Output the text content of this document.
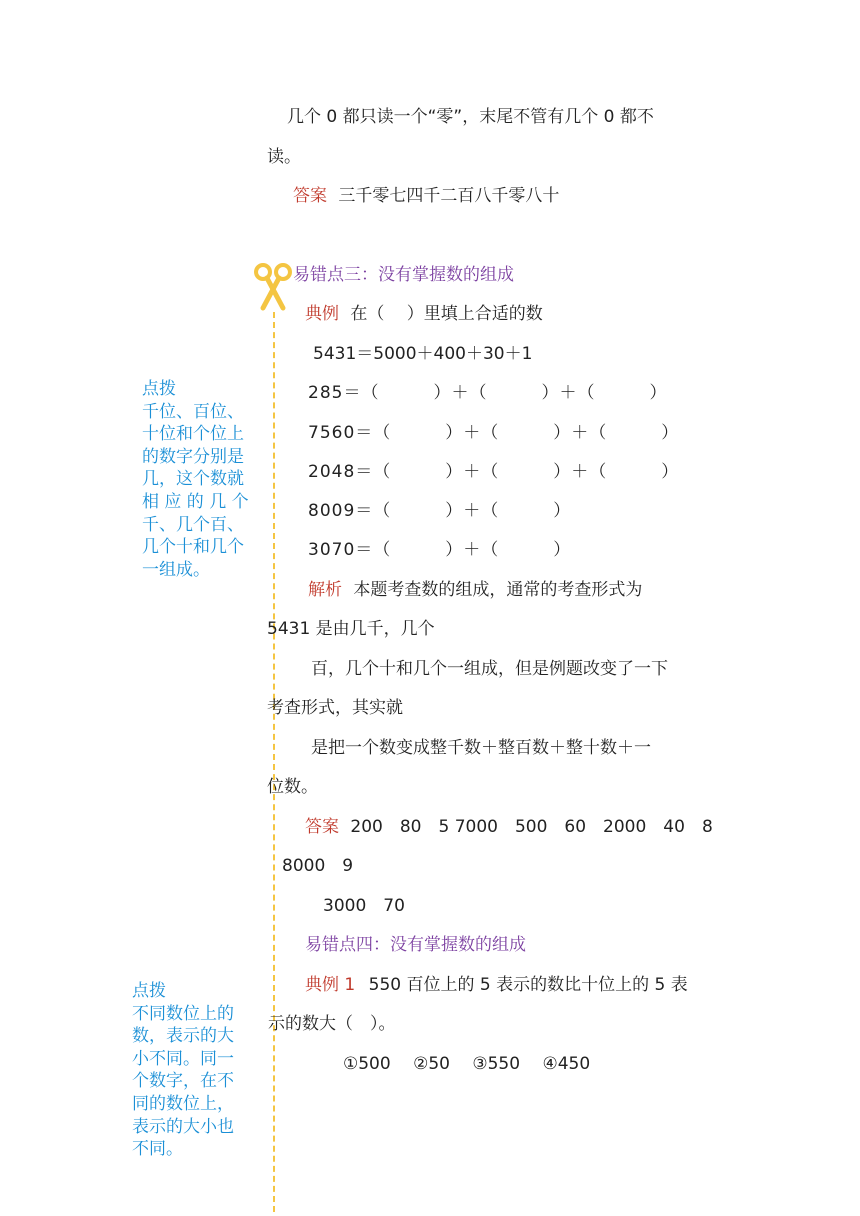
几个 0 都只读一个“零”，末尾不管有几个 0 都不
读。
答案 三千零七四千二百八千零八十
易错点三：没有掌握数的组成
典例 在（　 ）里填上合适的数
5431＝5000＋400＋30＋1
285＝（　　　）＋（　　　）＋（　　　）
7560＝（　　　）＋（　　　）＋（　　　）
2048＝（　　　）＋（　　　）＋（　　　）
8009＝（　　　）＋（　　　）
3070＝（　　　）＋（　　　）
解析 本题考查数的组成，通常的考查形式为
5431 是由几千，几个
百，几个十和几个一组成，但是例题改变了一下
考查形式，其实就
是把一个数变成整千数＋整百数＋整十数＋一
位数。
答案 200　80　5 7000　500　60　2000　40　8
8000　9
3000　70
点拨
千位、百位、
十位和个位上
的数字分别是
几，这个数就
相 应 的 几 个
千、几个百、
几个十和几个
一组成。
易错点四：没有掌握数的组成
典例 1 550 百位上的 5 表示的数比十位上的 5 表
示的数大（　）。
①500　 ②50　 ③550　 ④450
点拨
不同数位上的
数，表示的大
小不同。同一
个数字，在不
同的数位上，
表示的大小也
不同。
